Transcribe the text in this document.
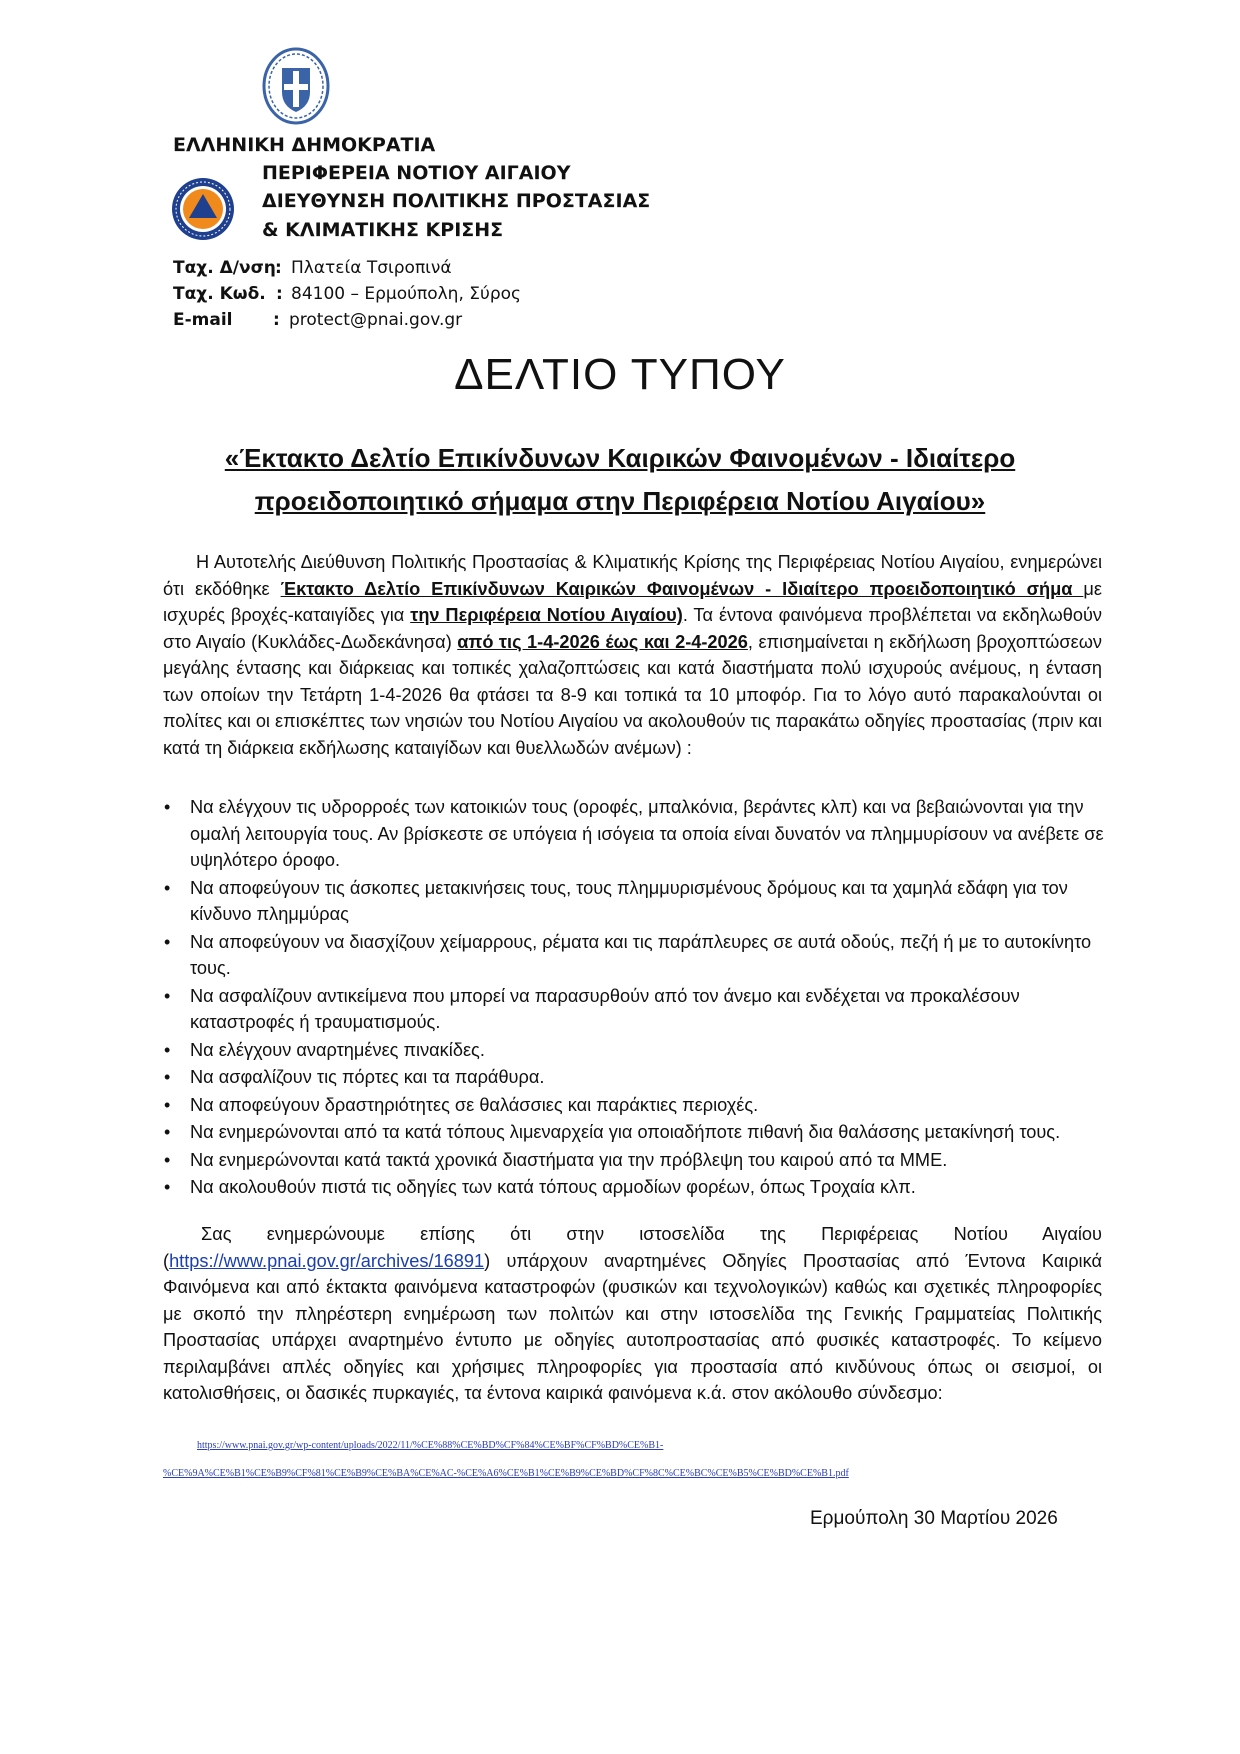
ΕΛΛΗΝΙΚΗ ΔΗΜΟΚΡΑΤΙΑ
ΠΕΡΙΦΕΡΕΙΑ ΝΟΤΙΟΥ ΑΙΓΑΙΟΥ
ΔΙΕΥΘΥΝΣΗ ΠΟΛΙΤΙΚΗΣ ΠΡΟΣΤΑΣΙΑΣ
& ΚΛΙΜΑΤΙΚΗΣ ΚΡΙΣΗΣ
Ταχ. Δ/νση : Πλατεία Τσιροπινά
Ταχ. Κωδ. : 84100 – Ερμούπολη, Σύρος
E-mail : protect@pnai.gov.gr
ΔΕΛΤΙΟ ΤΥΠΟΥ
«Έκτακτο Δελτίο Επικίνδυνων Καιρικών Φαινομένων - Ιδιαίτερο
προειδοποιητικό σήμαμα στην Περιφέρεια Νοτίου Αιγαίου»
Η Αυτοτελής Διεύθυνση Πολιτικής Προστασίας & Κλιματικής Κρίσης της Περιφέρειας Νοτίου Αιγαίου, ενημερώνει ότι εκδόθηκε Έκτακτο Δελτίο Επικίνδυνων Καιρικών Φαινομένων - Ιδιαίτερο προειδοποιητικό σήμα με ισχυρές βροχές-καταιγίδες για την Περιφέρεια Νοτίου Αιγαίου). Τα έντονα φαινόμενα προβλέπεται να εκδηλωθούν στο Αιγαίο (Κυκλάδες-Δωδεκάνησα) από τις 1-4-2026 έως και 2-4-2026, επισημαίνεται η εκδήλωση βροχοπτώσεων μεγάλης έντασης και διάρκειας και τοπικές χαλαζοπτώσεις και κατά διαστήματα πολύ ισχυρούς ανέμους, η ένταση των οποίων την Τετάρτη 1-4-2026 θα φτάσει τα 8-9 και τοπικά τα 10 μποφόρ. Για το λόγο αυτό παρακαλούνται οι πολίτες και οι επισκέπτες των νησιών του Νοτίου Αιγαίου να ακολουθούν τις παρακάτω οδηγίες προστασίας (πριν και κατά τη διάρκεια εκδήλωσης καταιγίδων και θυελλωδών ανέμων) :
• Να ελέγχουν τις υδρορροές των κατοικιών τους (οροφές, μπαλκόνια, βεράντες κλπ) και να βεβαιώνονται για την ομαλή λειτουργία τους. Αν βρίσκεστε σε υπόγεια ή ισόγεια τα οποία είναι δυνατόν να πλημμυρίσουν να ανέβετε σε υψηλότερο όροφο.
• Να αποφεύγουν τις άσκοπες μετακινήσεις τους, τους πλημμυρισμένους δρόμους και τα χαμηλά εδάφη για τον κίνδυνο πλημμύρας
• Να αποφεύγουν να διασχίζουν χείμαρρους, ρέματα και τις παράπλευρες σε αυτά οδούς, πεζή ή με το αυτοκίνητο τους.
• Να ασφαλίζουν αντικείμενα που μπορεί να παρασυρθούν από τον άνεμο και ενδέχεται να προκαλέσουν καταστροφές ή τραυματισμούς.
• Να ελέγχουν αναρτημένες πινακίδες.
• Να ασφαλίζουν τις πόρτες και τα παράθυρα.
• Να αποφεύγουν δραστηριότητες σε θαλάσσιες και παράκτιες περιοχές.
• Να ενημερώνονται από τα κατά τόπους λιμεναρχεία για οποιαδήποτε πιθανή δια θαλάσσης μετακίνησή τους.
• Να ενημερώνονται κατά τακτά χρονικά διαστήματα για την πρόβλεψη του καιρού από τα ΜΜΕ.
• Να ακολουθούν πιστά τις οδηγίες των κατά τόπους αρμοδίων φορέων, όπως Τροχαία κλπ.
Σας ενημερώνουμε επίσης ότι στην ιστοσελίδα της Περιφέρειας Νοτίου Αιγαίου (https://www.pnai.gov.gr/archives/16891) υπάρχουν αναρτημένες Οδηγίες Προστασίας από Έντονα Καιρικά Φαινόμενα και από έκτακτα φαινόμενα καταστροφών (φυσικών και τεχνολογικών) καθώς και σχετικές πληροφορίες με σκοπό την πληρέστερη ενημέρωση των πολιτών και στην ιστοσελίδα της Γενικής Γραμματείας Πολιτικής Προστασίας υπάρχει αναρτημένο έντυπο με οδηγίες αυτοπροστασίας από φυσικές καταστροφές. Το κείμενο περιλαμβάνει απλές οδηγίες και χρήσιμες πληροφορίες για προστασία από κινδύνους όπως οι σεισμοί, οι κατολισθήσεις, οι δασικές πυρκαγιές, τα έντονα καιρικά φαινόμενα κ.ά. στον ακόλουθο σύνδεσμο:
https://www.pnai.gov.gr/wp-content/uploads/2022/11/%CE%88%CE%BD%CF%84%CE%BF%CF%BD%CE%B1-
%CE%9A%CE%B1%CE%B9%CF%81%CE%B9%CE%BA%CE%AC-%CE%A6%CE%B1%CE%B9%CE%BD%CF%8C%CE%BC%CE%B5%CE%BD%CE%B1.pdf
Ερμούπολη 30 Μαρτίου 2026
